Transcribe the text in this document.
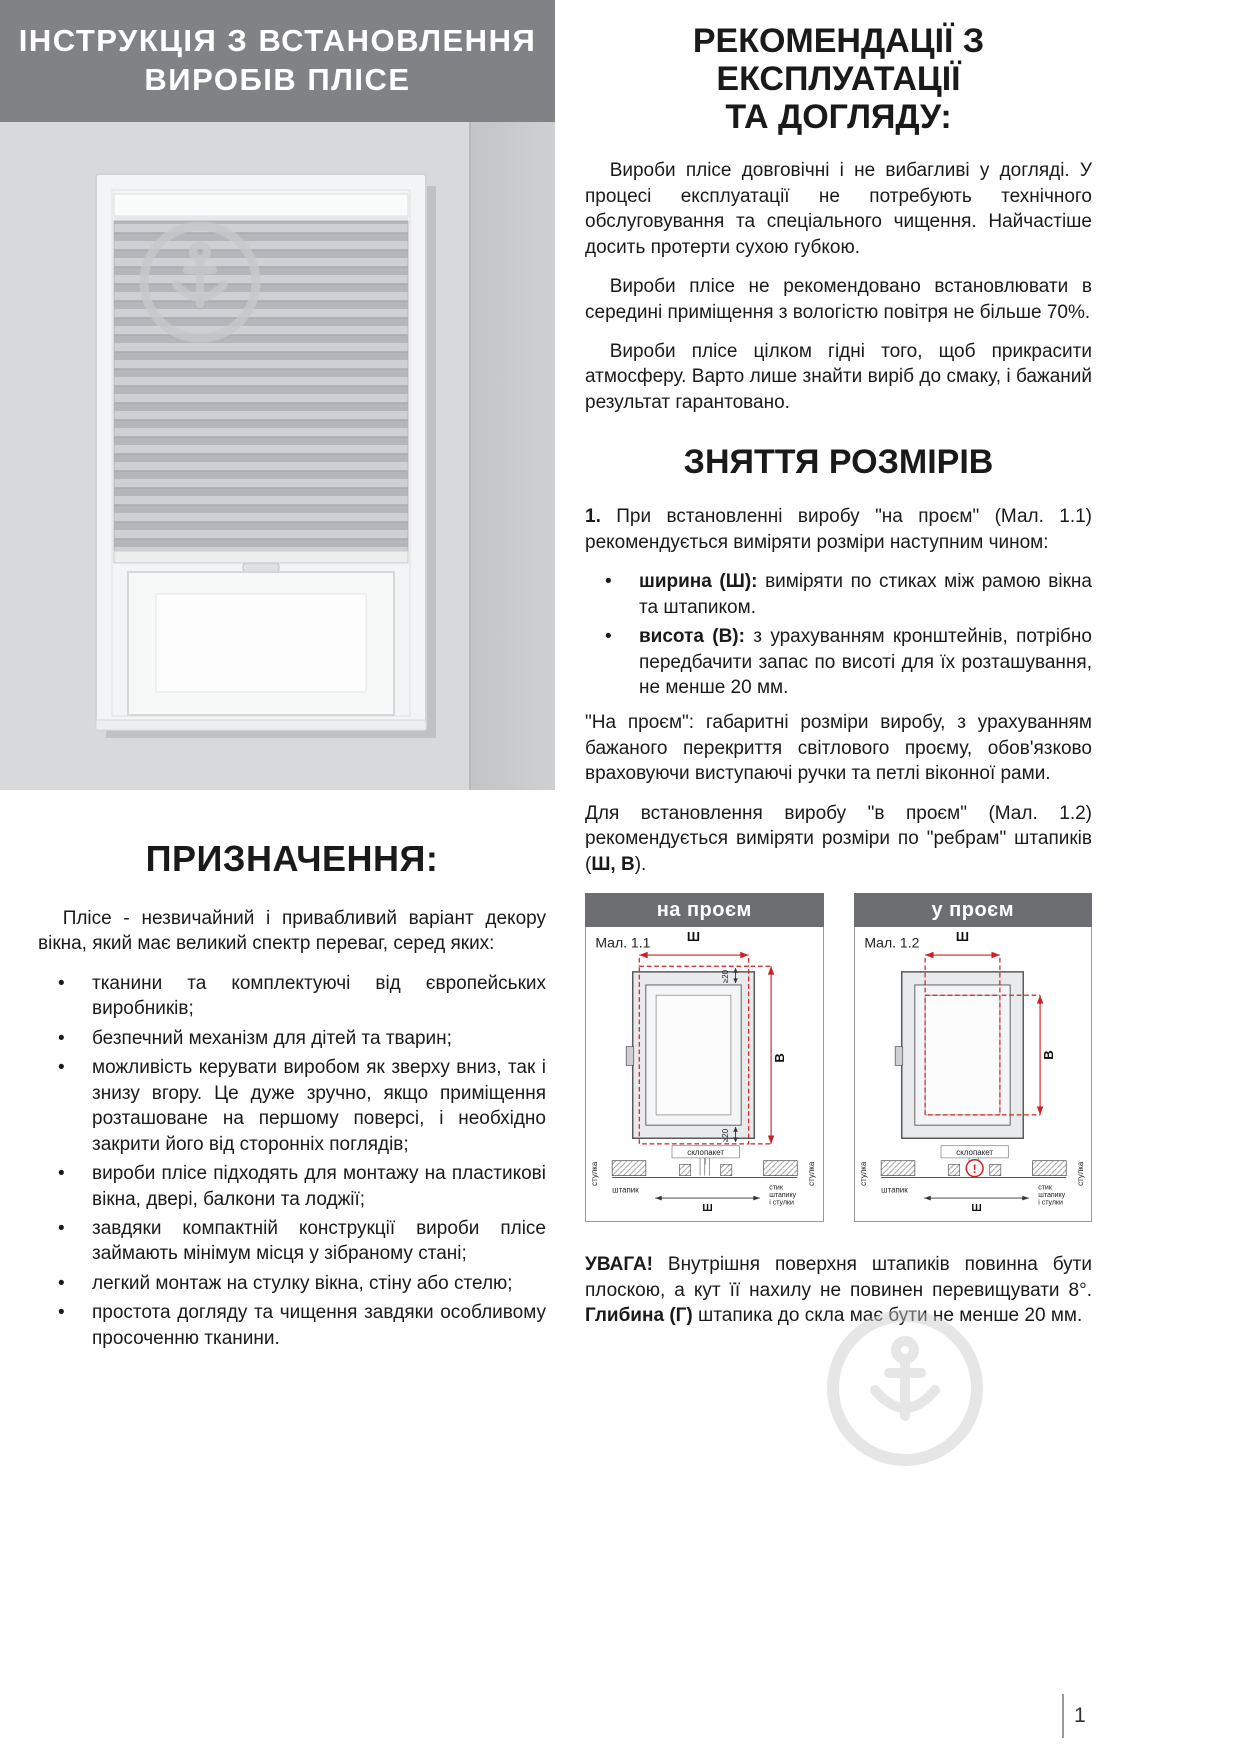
ІНСТРУКЦІЯ З ВСТАНОВЛЕННЯ
ВИРОБІВ ПЛІСЕ
ПРИЗНАЧЕННЯ:

Плісе - незвичайний і привабливий варіант декору вікна, який має великий спектр переваг, серед яких:

• тканини та комплектуючі від європейських виробників;
• безпечний механізм для дітей та тварин;
• можливість керувати виробом як зверху вниз, так і знизу вгору. Це дуже зручно, якщо приміщення розташоване на першому поверсі, і необхідно закрити його від сторонніх поглядів;
• вироби плісе підходять для монтажу на пластикові вікна, двері, балкони та лоджії;
• завдяки компактній конструкції вироби плісе займають мінімум місця у зібраному стані;
• легкий монтаж на стулку вікна, стіну або стелю;
• простота догляду та чищення завдяки особливому просоченню тканини.
РЕКОМЕНДАЦІЇ З ЕКСПЛУАТАЦІЇ
ТА ДОГЛЯДУ:

Вироби плісе довговічні і не вибагливі у догляді. У процесі експлуатації не потребують технічного обслуговування та спеціального чищення. Найчастіше досить протерти сухою губкою.

Вироби плісе не рекомендовано встановлювати в середині приміщення з вологістю повітря не більше 70%.

Вироби плісе цілком гідні того, щоб прикрасити атмосферу. Варто лише знайти виріб до смаку, і бажаний результат гарантовано.

ЗНЯТТЯ РОЗМІРІВ

1. При встановленні виробу "на проєм" (Мал. 1.1) рекомендується виміряти розміри наступним чином:

• ширина (Ш): виміряти по стиках між рамою вікна та штапиком.
• висота (В): з урахуванням кронштейнів, потрібно передбачити запас по висоті для їх розташування, не менше 20 мм.

"На проєм": габаритні розміри виробу, з урахуванням бажаного перекриття світлового проєму, обов'язково враховуючи виступаючі ручки та петлі віконної рами.

Для встановлення виробу "в проєм" (Мал. 1.2) рекомендується виміряти розміри по "ребрам" штапиків (Ш, В).

на проєм
Мал. 1.1	Ш
В
≥20
≥20
стулка	стулка
склопакет
штапик
Ш
стик
штапику
і стулки
у проєм
Мал. 1.2	Ш
В
стулка	стулка
склопакет
!
штапик
Ш
стик
штапику
і стулки

УВАГА! Внутрішня поверхня штапиків повинна бути плоскою, а кут її нахилу не повинен перевищувати 8°. Глибина (Г) штапика до скла має бути не менше 20 мм.

1
